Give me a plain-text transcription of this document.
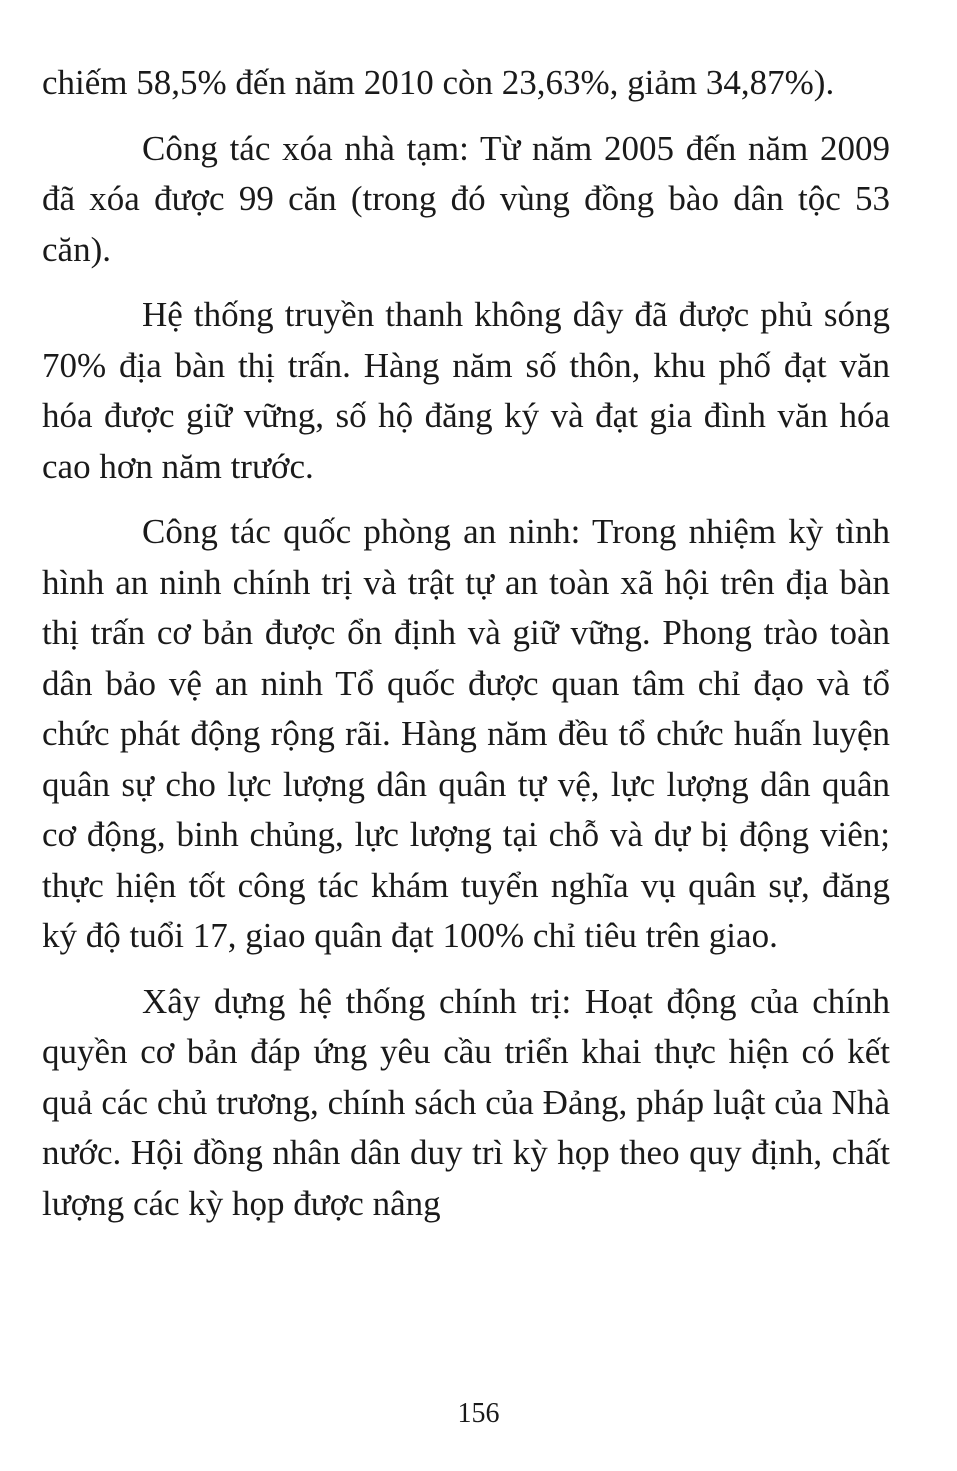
chiếm 58,5% đến năm 2010 còn 23,63%, giảm 34,87%).

Công tác xóa nhà tạm: Từ năm 2005 đến năm 2009 đã xóa được 99 căn (trong đó vùng đồng bào dân tộc 53 căn).

Hệ thống truyền thanh không dây đã được phủ sóng 70% địa bàn thị trấn. Hàng năm số thôn, khu phố đạt văn hóa được giữ vững, số hộ đăng ký và đạt gia đình văn hóa cao hơn năm trước.

Công tác quốc phòng an ninh: Trong nhiệm kỳ tình hình an ninh chính trị và trật tự an toàn xã hội trên địa bàn thị trấn cơ bản được ổn định và giữ vững. Phong trào toàn dân bảo vệ an ninh Tổ quốc được quan tâm chỉ đạo và tổ chức phát động rộng rãi. Hàng năm đều tổ chức huấn luyện quân sự cho lực lượng dân quân tự vệ, lực lượng dân quân cơ động, binh chủng, lực lượng tại chỗ và dự bị động viên; thực hiện tốt công tác khám tuyển nghĩa vụ quân sự, đăng ký độ tuổi 17, giao quân đạt 100% chỉ tiêu trên giao.

Xây dựng hệ thống chính trị: Hoạt động của chính quyền cơ bản đáp ứng yêu cầu triển khai thực hiện có kết quả các chủ trương, chính sách của Đảng, pháp luật của Nhà nước. Hội đồng nhân dân duy trì kỳ họp theo quy định, chất lượng các kỳ họp được nâng

156
